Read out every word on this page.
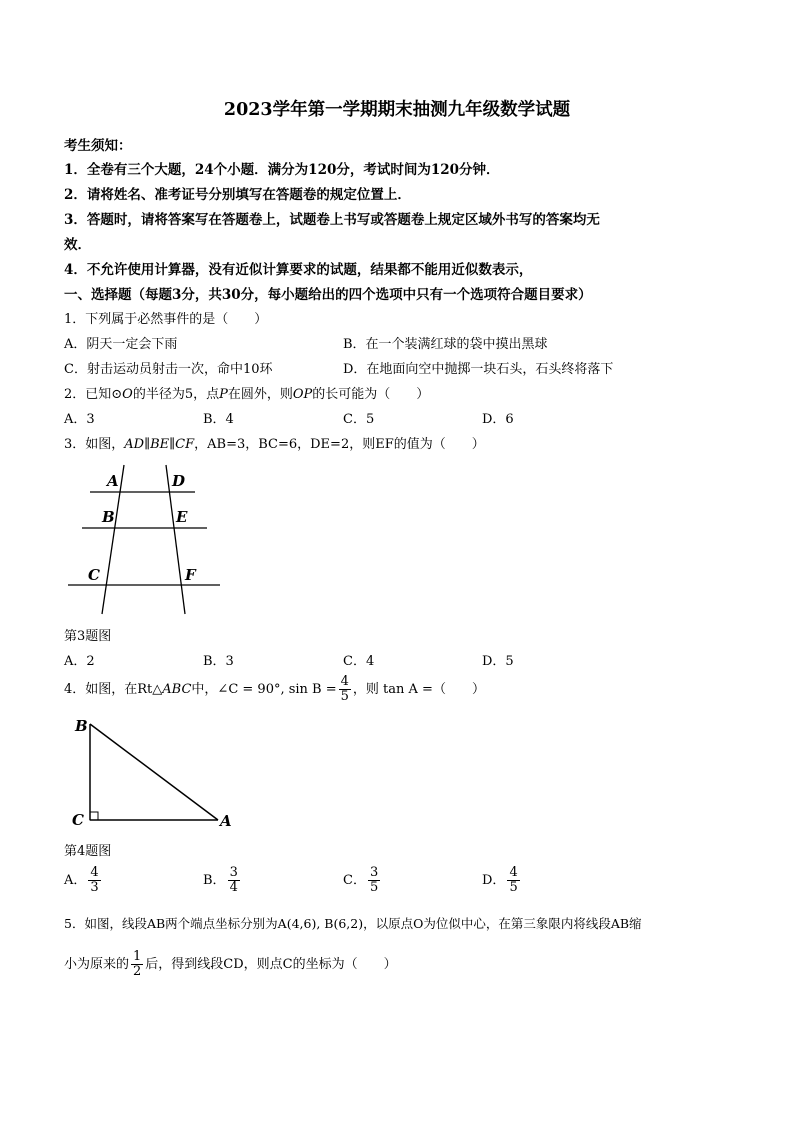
2023学年第一学期期末抽测九年级数学试题
考生须知：
1．全卷有三个大题，24个小题．满分为120分，考试时间为120分钟．
2．请将姓名、准考证号分别填写在答题卷的规定位置上．
3．答题时，请将答案写在答题卷上，试题卷上书写或答题卷上规定区域外书写的答案均无
效．
4．不允许使用计算器，没有近似计算要求的试题，结果都不能用近似数表示，
一、选择题（每题3分，共30分，每小题给出的四个选项中只有一个选项符合题目要求）
1．下列属于必然事件的是（　　）
A．阴天一定会下雨	B．在一个装满红球的袋中摸出黑球
C．射击运动员射击一次，命中10环	D．在地面向空中抛掷一块石头，石头终将落下
2．已知⊙O的半径为5，点P在圆外，则OP的长可能为（　　）
A．3	B．4	C．5	D．6
3．如图，AD∥BE∥CF，AB=3，BC=6，DE=2，则EF的值为（　　）
A	D
B	E
C	F
第3题图
A．2	B．3	C．4	D．5
4．如图，在Rt△ABC中，∠C = 90°, $\sin B = \frac{4}{5}$ ，则 tan A =（　　）
B
C	A
第4题图
A． $\frac{4}{3}$	B． $\frac{3}{4}$	C． $\frac{3}{5}$	D． $\frac{4}{5}$
5．如图，线段AB两个端点坐标分别为A(4,6), B(6,2)，以原点O为位似中心，在第三象限内将线段AB缩
小为原来的 $\frac{1}{2}$ 后，得到线段CD，则点C的坐标为（　　）
